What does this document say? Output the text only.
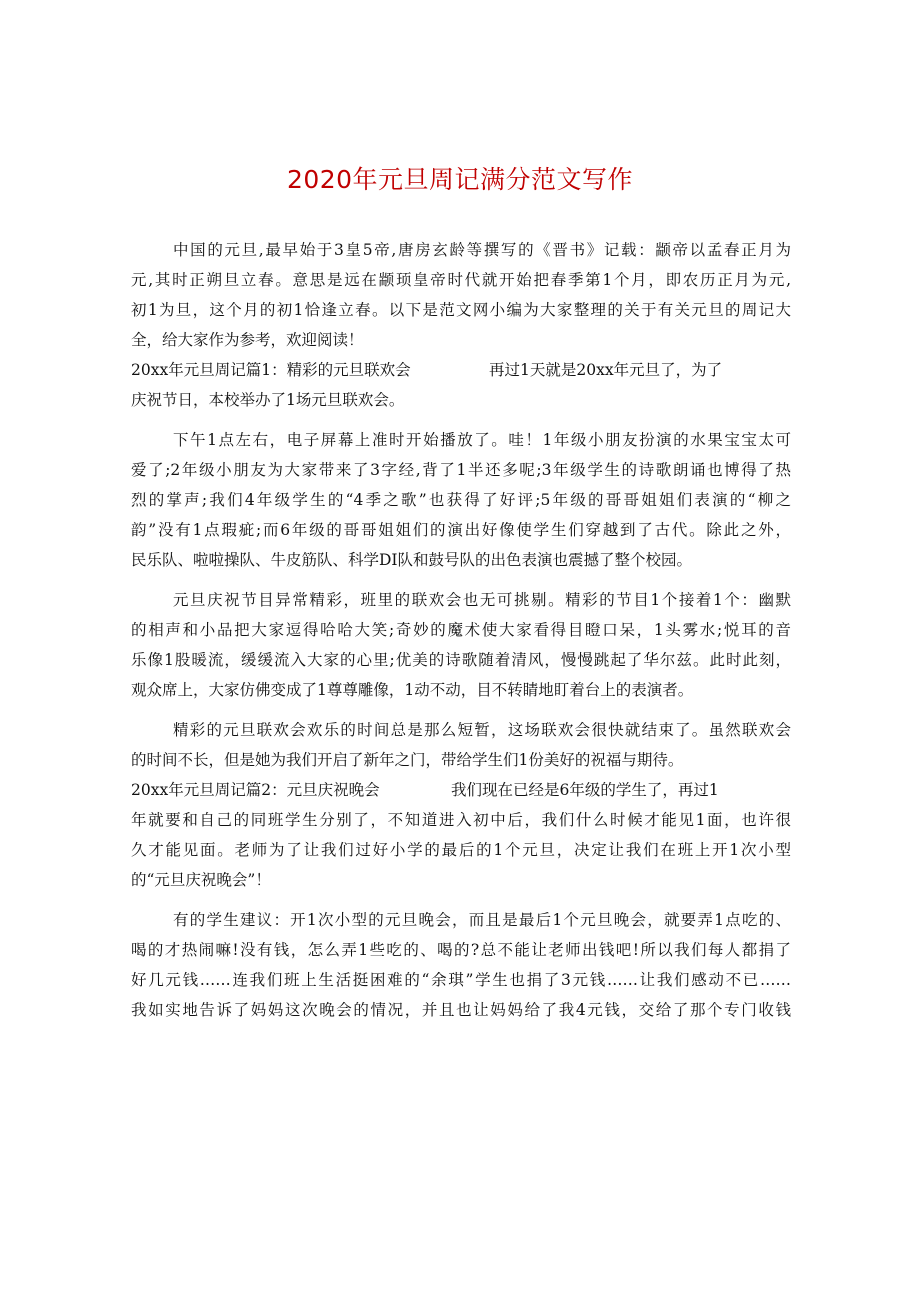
2020年元旦周记满分范文写作
中国的元旦,最早始于3皇5帝,唐房玄龄等撰写的《晋书》记载：颛帝以孟春正月为
元,其时正朔旦立春。意思是远在颛顼皇帝时代就开始把春季第1个月，即农历正月为元,
初1为旦，这个月的初1恰逢立春。以下是范文网小编为大家整理的关于有关元旦的周记大
全，给大家作为参考，欢迎阅读！
20xx年元旦周记篇1：精彩的元旦联欢会	再过1天就是20xx年元旦了，为了
庆祝节日，本校举办了1场元旦联欢会。
下午1点左右，电子屏幕上准时开始播放了。哇！1年级小朋友扮演的水果宝宝太可
爱了;2年级小朋友为大家带来了3字经,背了1半还多呢;3年级学生的诗歌朗诵也博得了热
烈的掌声;我们4年级学生的“4季之歌”也获得了好评;5年级的哥哥姐姐们表演的“柳之
韵”没有1点瑕疵;而6年级的哥哥姐姐们的演出好像使学生们穿越到了古代。除此之外，
民乐队、啦啦操队、牛皮筋队、科学DI队和鼓号队的出色表演也震撼了整个校园。
元旦庆祝节目异常精彩，班里的联欢会也无可挑剔。精彩的节目1个接着1个：幽默
的相声和小品把大家逗得哈哈大笑;奇妙的魔术使大家看得目瞪口呆，1头雾水;悦耳的音
乐像1股暖流，缓缓流入大家的心里;优美的诗歌随着清风，慢慢跳起了华尔兹。此时此刻，
观众席上，大家仿佛变成了1尊尊雕像，1动不动，目不转睛地盯着台上的表演者。
精彩的元旦联欢会欢乐的时间总是那么短暂，这场联欢会很快就结束了。虽然联欢会
的时间不长，但是她为我们开启了新年之门，带给学生们1份美好的祝福与期待。
20xx年元旦周记篇2：元旦庆祝晚会	我们现在已经是6年级的学生了，再过1
年就要和自己的同班学生分别了，不知道进入初中后，我们什么时候才能见1面，也许很
久才能见面。老师为了让我们过好小学的最后的1个元旦，决定让我们在班上开1次小型
的“元旦庆祝晚会”！
有的学生建议：开1次小型的元旦晚会，而且是最后1个元旦晚会，就要弄1点吃的、
喝的才热闹嘛!没有钱，怎么弄1些吃的、喝的?总不能让老师出钱吧!所以我们每人都捐了
好几元钱……连我们班上生活挺困难的“余琪”学生也捐了3元钱……让我们感动不已……
我如实地告诉了妈妈这次晚会的情况，并且也让妈妈给了我4元钱，交给了那个专门收钱
